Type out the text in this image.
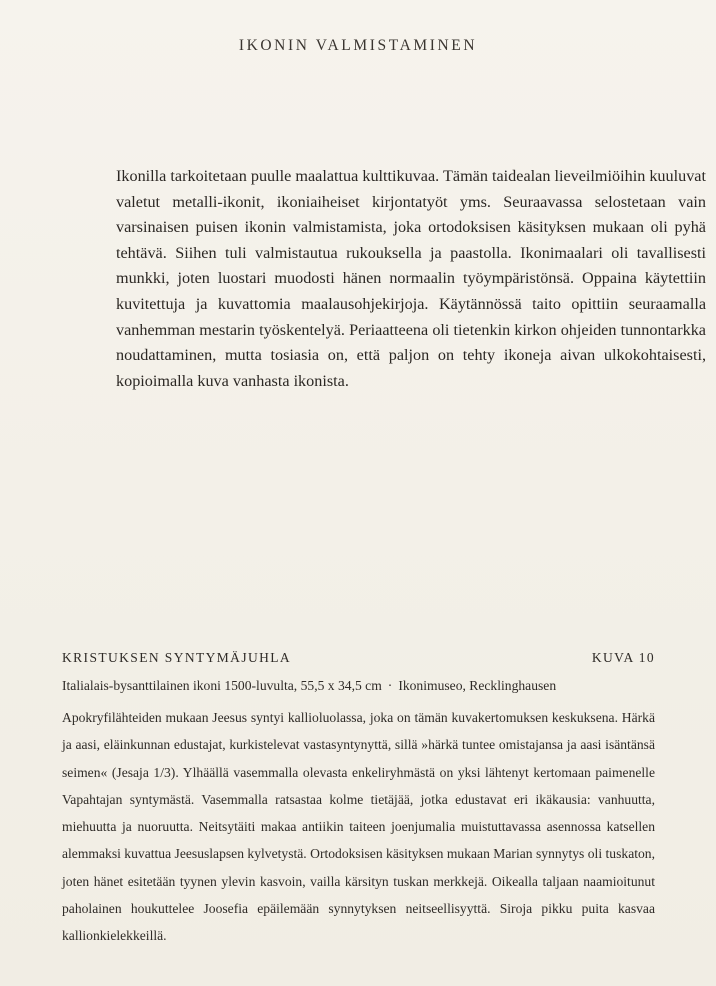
IKONIN VALMISTAMINEN

Ikonilla tarkoitetaan puulle maalattua kulttikuvaa. Tämän taidealan lieveilmiöihin kuuluvat valetut metalli-ikonit, ikoniaiheiset kirjontatyöt yms. Seuraavassa selostetaan vain varsinaisen puisen ikonin valmistamista, joka ortodoksisen käsityksen mukaan oli pyhä tehtävä. Siihen tuli valmistautua rukouksella ja paastolla. Ikonimaalari oli tavallisesti munkki, joten luostari muodosti hänen normaalin työympäristönsä. Oppaina käytettiin kuvitettuja ja kuvattomia maalausohjekirjoja. Käytännössä taito opittiin seuraamalla vanhemman mestarin työskentelyä. Periaatteena oli tietenkin kirkon ohjeiden tunnontarkka noudattaminen, mutta tosiasia on, että paljon on tehty ikoneja aivan ulkokohtaisesti, kopioimalla kuva vanhasta ikonista.

KRISTUKSEN SYNTYMÄJUHLA	KUVA 10
Italialais-bysanttilainen ikoni 1500-luvulta, 55,5 x 34,5 cm · Ikonimuseo, Recklinghausen

Apokryfilähteiden mukaan Jeesus syntyi kallioluolassa, joka on tämän kuvakertomuksen keskuksena. Härkä ja aasi, eläinkunnan edustajat, kurkistelevat vastasyntynyttä, sillä »härkä tuntee omistajansa ja aasi isäntänsä seimen« (Jesaja 1/3). Ylhäällä vasemmalla olevasta enkeliryhmästä on yksi lähtenyt kertomaan paimenelle Vapahtajan syntymästä. Vasemmalla ratsastaa kolme tietäjää, jotka edustavat eri ikäkausia: vanhuutta, miehuutta ja nuoruutta. Neitsytäiti makaa antiikin taiteen joenjumalia muistuttavassa asennossa katsellen alemmaksi kuvattua Jeesuslapsen kylvetystä. Ortodoksisen käsityksen mukaan Marian synnytys oli tuskaton, joten hänet esitetään tyynen ylevin kasvoin, vailla kärsityn tuskan merkkejä. Oikealla taljaan naamioitunut paholainen houkuttelee Joosefia epäilemään synnytyksen neitseellisyyttä. Siroja pikku puita kasvaa kallionkielekkeillä.
